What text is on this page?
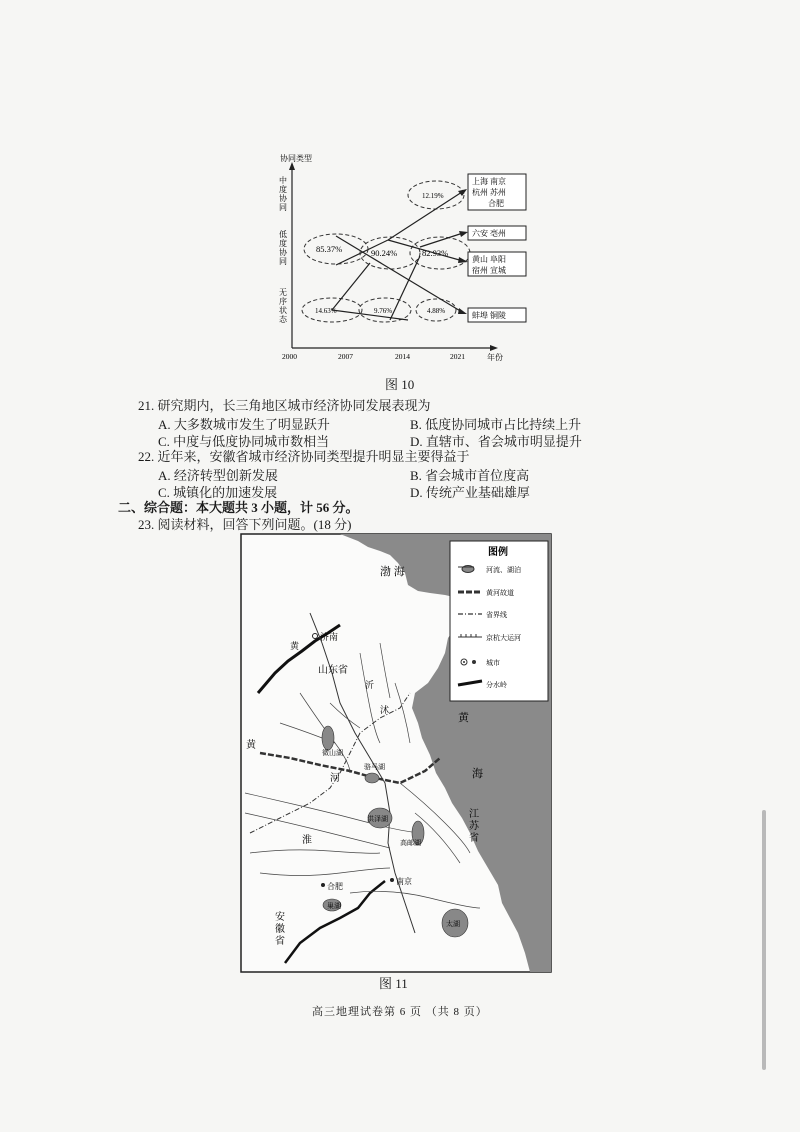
协同类型
年份
中度协同
低度协同
无序状态
2000	2007	2014	2021
85.37%	90.24%	82.93%
14.63%	9.76%	4.88%
12.19%
上海 南京
杭州 苏州
合肥
六安 亳州
黄山 阜阳
宿州 宣城
蚌埠 铜陵
图 10
21. 研究期内，长三角地区城市经济协同发展表现为
A. 大多数城市发生了明显跃升	B. 低度协同城市占比持续上升
C. 中度与低度协同城市数相当	D. 直辖市、省会城市明显提升
22. 近年来，安徽省城市经济协同类型提升明显主要得益于
A. 经济转型创新发展	B. 省会城市首位度高
C. 城镇化的加速发展	D. 传统产业基础雄厚
二、综合题：本大题共 3 小题，计 56 分。
23. 阅读材料，回答下列问题。(18 分)
图例
河流、湖泊
黄河故道
省界线
京杭大运河
城市
分水岭
渤 海
黄
海
济南
山东省
南京
合肥
巢湖
太湖
安徽省
江苏省
黄
淮
河
洪泽湖
高邮湖
骆马湖
微山湖
沂
沭
黄
图 11
高三地理试卷第 6 页 （共 8 页）
